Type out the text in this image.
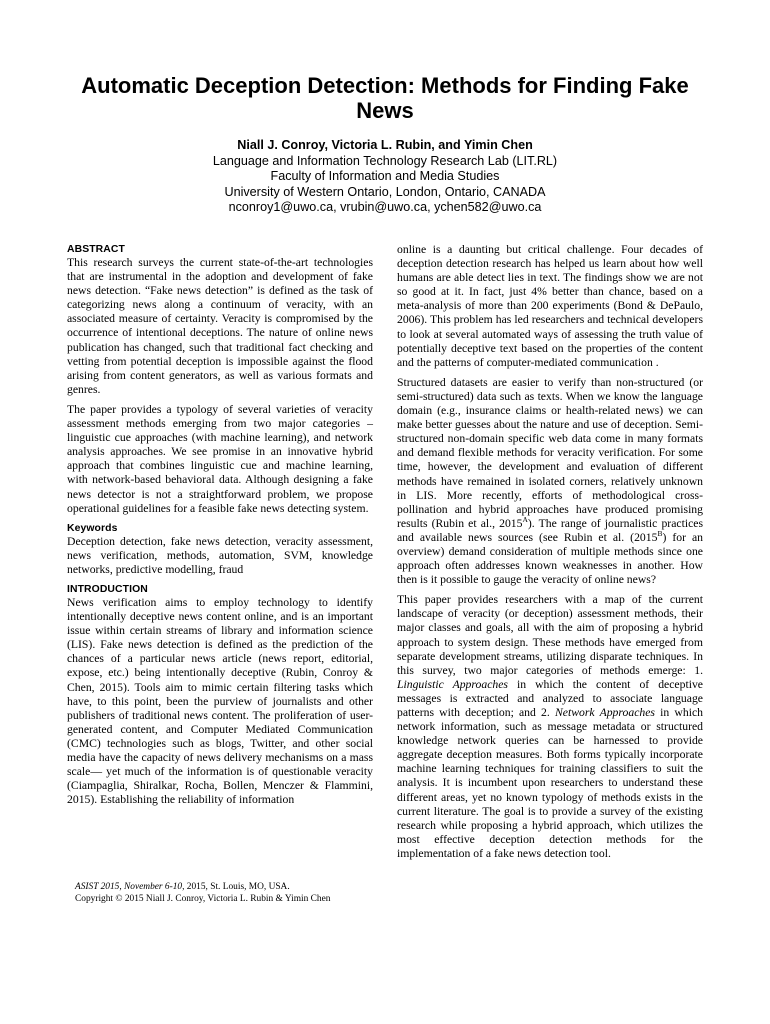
Automatic Deception Detection: Methods for Finding Fake News
Niall J. Conroy, Victoria L. Rubin, and Yimin Chen
Language and Information Technology Research Lab (LIT.RL)
Faculty of Information and Media Studies
University of Western Ontario, London, Ontario, CANADA
nconroy1@uwo.ca, vrubin@uwo.ca, ychen582@uwo.ca
ABSTRACT

This research surveys the current state-of-the-art technologies that are instrumental in the adoption and development of fake news detection. “Fake news detection” is defined as the task of categorizing news along a continuum of veracity, with an associated measure of certainty. Veracity is compromised by the occurrence of intentional deceptions. The nature of online news publication has changed, such that traditional fact checking and vetting from potential deception is impossible against the flood arising from content generators, as well as various formats and genres.

The paper provides a typology of several varieties of veracity assessment methods emerging from two major categories – linguistic cue approaches (with machine learning), and network analysis approaches. We see promise in an innovative hybrid approach that combines linguistic cue and machine learning, with network-based behavioral data. Although designing a fake news detector is not a straightforward problem, we propose operational guidelines for a feasible fake news detecting system.

Keywords

Deception detection, fake news detection, veracity assessment, news verification, methods, automation, SVM, knowledge networks, predictive modelling, fraud

INTRODUCTION

News verification aims to employ technology to identify intentionally deceptive news content online, and is an important issue within certain streams of library and information science (LIS). Fake news detection is defined as the prediction of the chances of a particular news article (news report, editorial, expose, etc.) being intentionally deceptive (Rubin, Conroy & Chen, 2015). Tools aim to mimic certain filtering tasks which have, to this point, been the purview of journalists and other publishers of traditional news content. The proliferation of user-generated content, and Computer Mediated Communication (CMC) technologies such as blogs, Twitter, and other social media have the capacity of news delivery mechanisms on a mass scale— yet much of the information is of questionable veracity (Ciampaglia, Shiralkar, Rocha, Bollen, Menczer & Flammini, 2015). Establishing the reliability of information

ASIST 2015, November 6-10, 2015, St. Louis, MO, USA.
Copyright © 2015 Niall J. Conroy, Victoria L. Rubin & Yimin Chen

online is a daunting but critical challenge. Four decades of deception detection research has helped us learn about how well humans are able detect lies in text. The findings show we are not so good at it. In fact, just 4% better than chance, based on a meta-analysis of more than 200 experiments (Bond & DePaulo, 2006). This problem has led researchers and technical developers to look at several automated ways of assessing the truth value of potentially deceptive text based on the properties of the content and the patterns of computer-mediated communication .

Structured datasets are easier to verify than non-structured (or semi-structured) data such as texts. When we know the language domain (e.g., insurance claims or health-related news) we can make better guesses about the nature and use of deception. Semi-structured non-domain specific web data come in many formats and demand flexible methods for veracity verification. For some time, however, the development and evaluation of different methods have remained in isolated corners, relatively unknown in LIS. More recently, efforts of methodological cross-pollination and hybrid approaches have produced promising results (Rubin et al., $2015^A$). The range of journalistic practices and available news sources (see Rubin et al. $(2015^B)$ for an overview) demand consideration of multiple methods since one approach often addresses known weaknesses in another. How then is it possible to gauge the veracity of online news?

This paper provides researchers with a map of the current landscape of veracity (or deception) assessment methods, their major classes and goals, all with the aim of proposing a hybrid approach to system design. These methods have emerged from separate development streams, utilizing disparate techniques. In this survey, two major categories of methods emerge: 1. Linguistic Approaches in which the content of deceptive messages is extracted and analyzed to associate language patterns with deception; and 2. Network Approaches in which network information, such as message metadata or structured knowledge network queries can be harnessed to provide aggregate deception measures. Both forms typically incorporate machine learning techniques for training classifiers to suit the analysis. It is incumbent upon researchers to understand these different areas, yet no known typology of methods exists in the current literature. The goal is to provide a survey of the existing research while proposing a hybrid approach, which utilizes the most effective deception detection methods for the implementation of a fake news detection tool.
